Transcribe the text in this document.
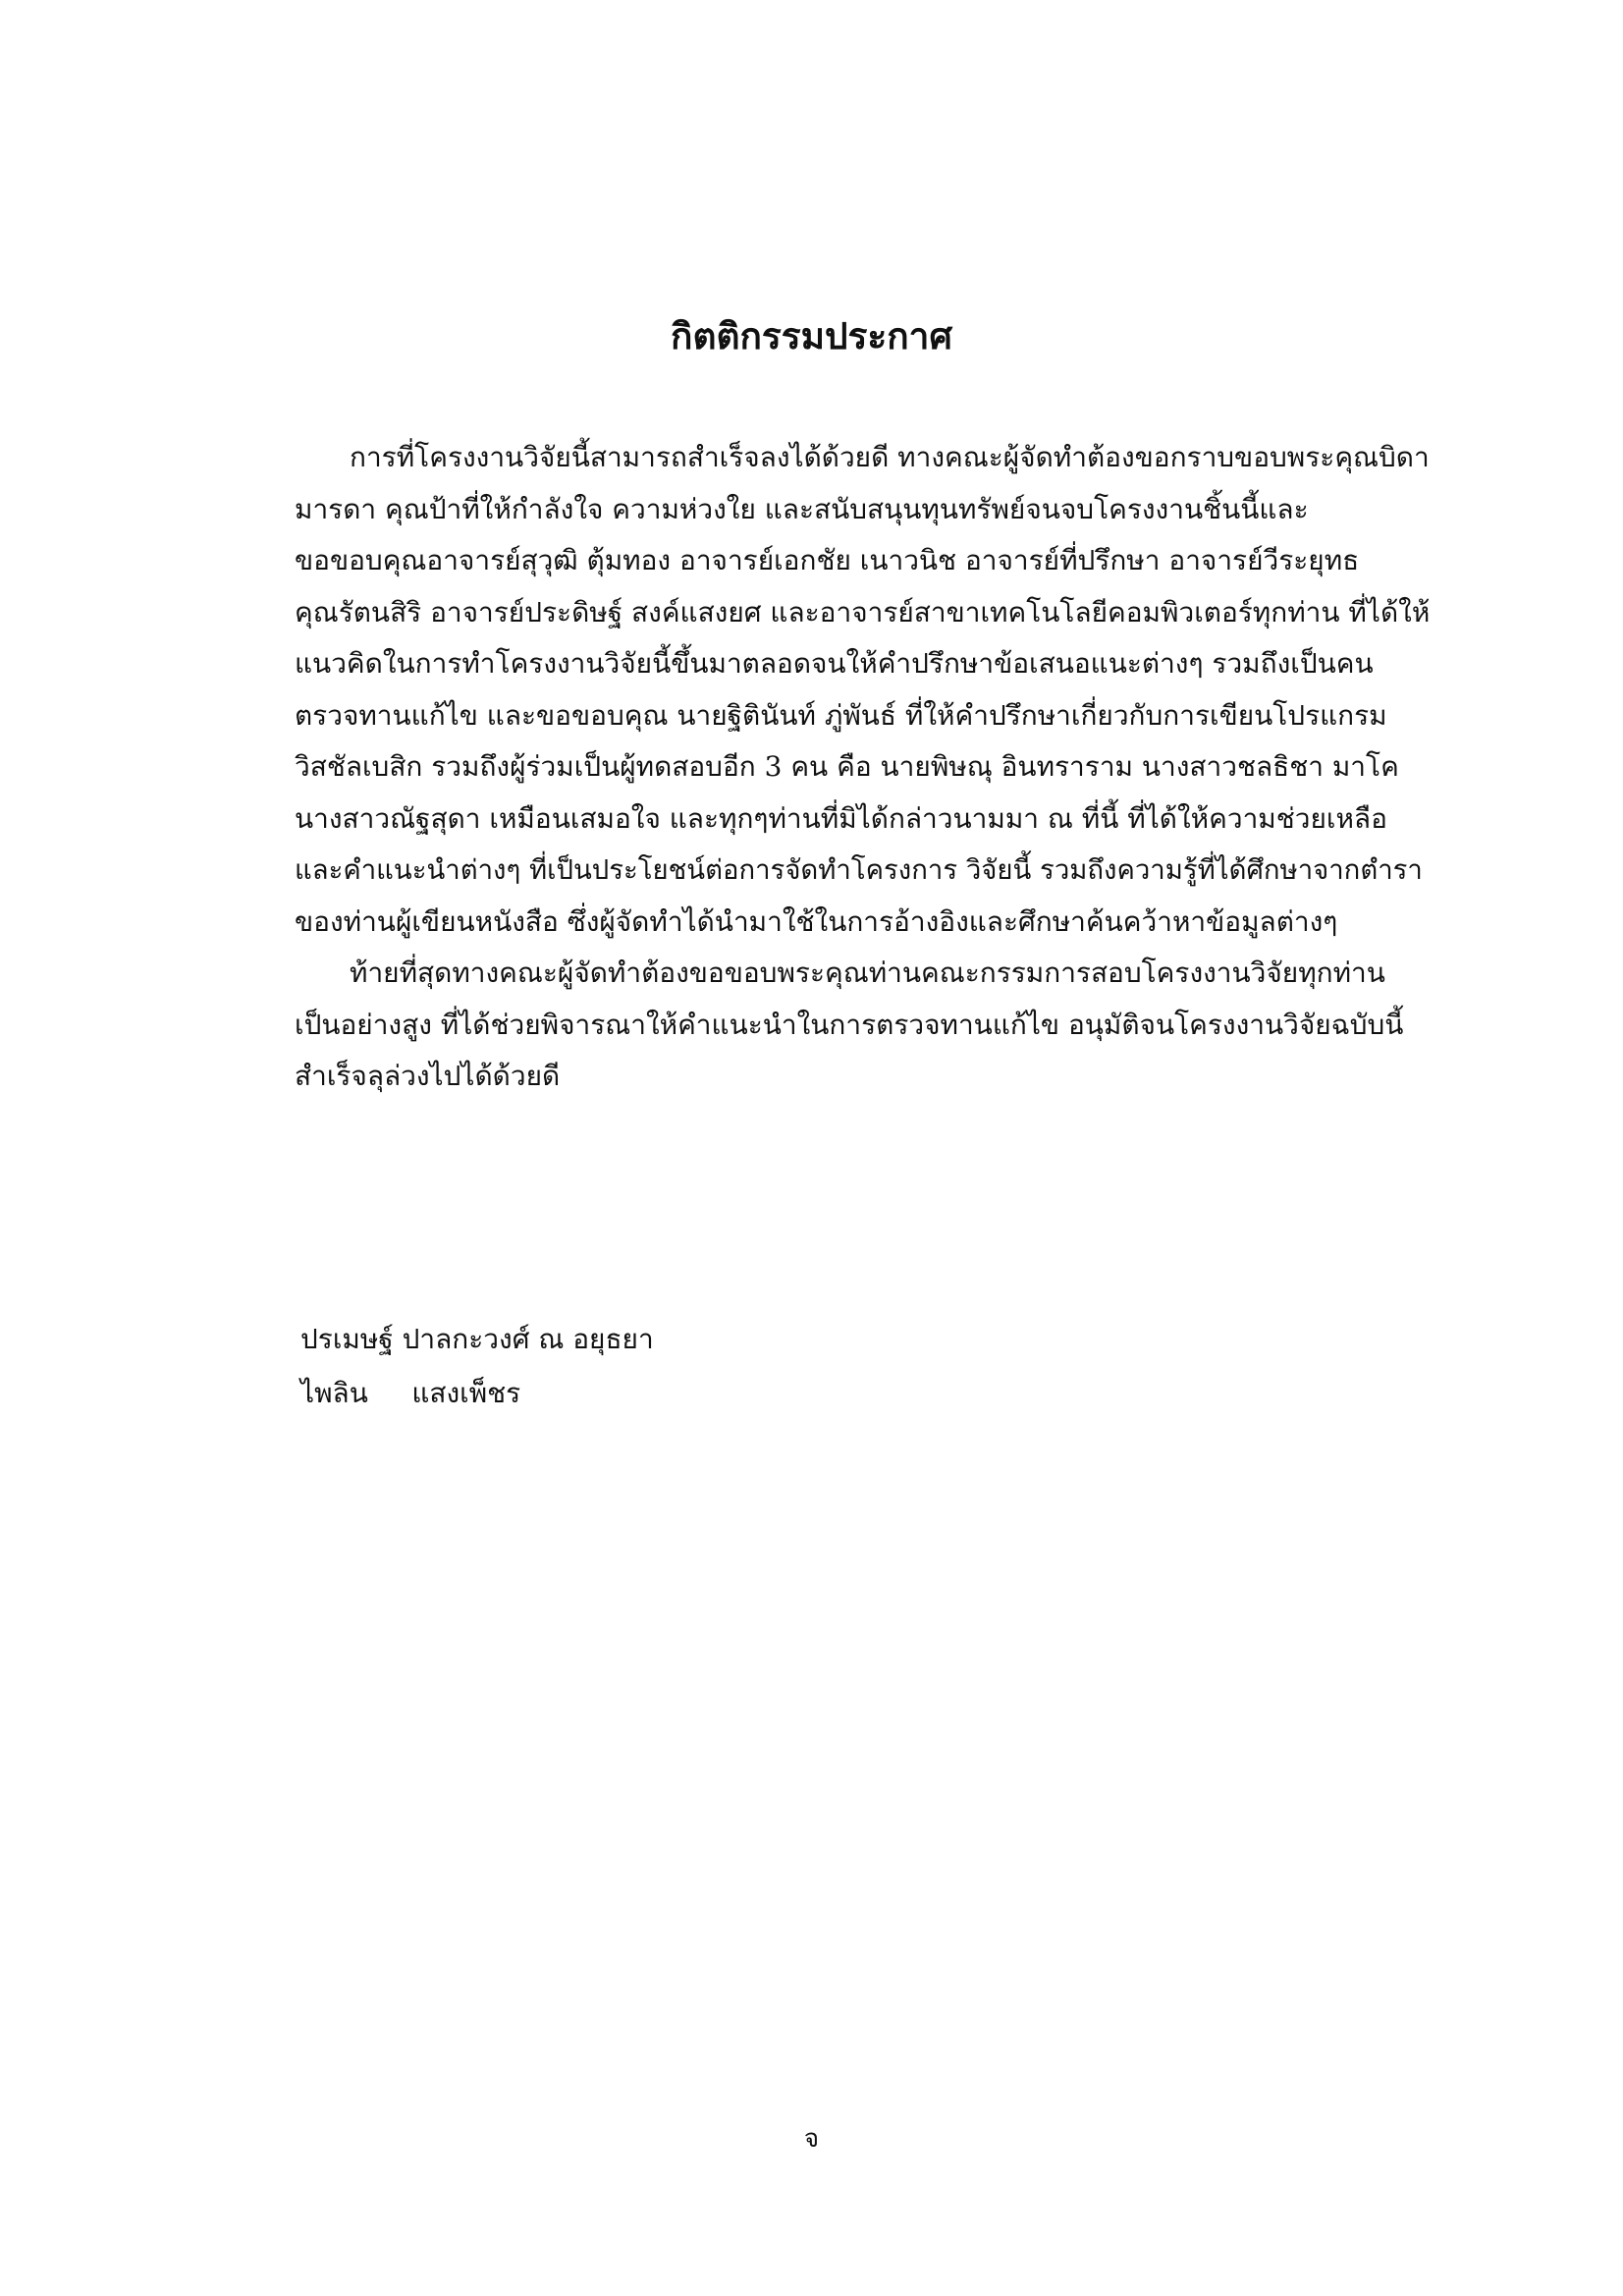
กิตติกรรมประกาศ
การที่โครงงานวิจัยนี้สามารถสำเร็จลงได้ด้วยดี ทางคณะผู้จัดทำต้องขอกราบขอบพระคุณบิดา
มารดา คุณป้าที่ให้กำลังใจ ความห่วงใย และสนับสนุนทุนทรัพย์จนจบโครงงานชิ้นนี้และ
ขอขอบคุณอาจารย์สุวุฒิ ตุ้มทอง อาจารย์เอกชัย เนาวนิช อาจารย์ที่ปรึกษา อาจารย์วีระยุทธ
คุณรัตนสิริ อาจารย์ประดิษฐ์ สงค์แสงยศ และอาจารย์สาขาเทคโนโลยีคอมพิวเตอร์ทุกท่าน ที่ได้ให้
แนวคิดในการทำโครงงานวิจัยนี้ขึ้นมาตลอดจนให้คำปรึกษาข้อเสนอแนะต่างๆ รวมถึงเป็นคน
ตรวจทานแก้ไข และขอขอบคุณ นายฐิตินันท์ ภู่พันธ์ ที่ให้คำปรึกษาเกี่ยวกับการเขียนโปรแกรม
วิสชัลเบสิก รวมถึงผู้ร่วมเป็นผู้ทดสอบอีก 3 คน คือ นายพิษณุ อินทราราม นางสาวชลธิชา มาโค
นางสาวณัฐสุดา เหมือนเสมอใจ และทุกๆท่านที่มิได้กล่าวนามมา ณ ที่นี้ ที่ได้ให้ความช่วยเหลือ
และคำแนะนำต่างๆ ที่เป็นประโยชน์ต่อการจัดทำโครงการ วิจัยนี้ รวมถึงความรู้ที่ได้ศึกษาจากตำรา
ของท่านผู้เขียนหนังสือ ซึ่งผู้จัดทำได้นำมาใช้ในการอ้างอิงและศึกษาค้นคว้าหาข้อมูลต่างๆ
ท้ายที่สุดทางคณะผู้จัดทำต้องขอขอบพระคุณท่านคณะกรรมการสอบโครงงานวิจัยทุกท่าน
เป็นอย่างสูง ที่ได้ช่วยพิจารณาให้คำแนะนำในการตรวจทานแก้ไข อนุมัติจนโครงงานวิจัยฉบับนี้
สำเร็จลุล่วงไปได้ด้วยดี
ปรเมษฐ์ ปาลกะวงศ์ ณ อยุธยา
ไพลิน     แสงเพ็ชร
จ
